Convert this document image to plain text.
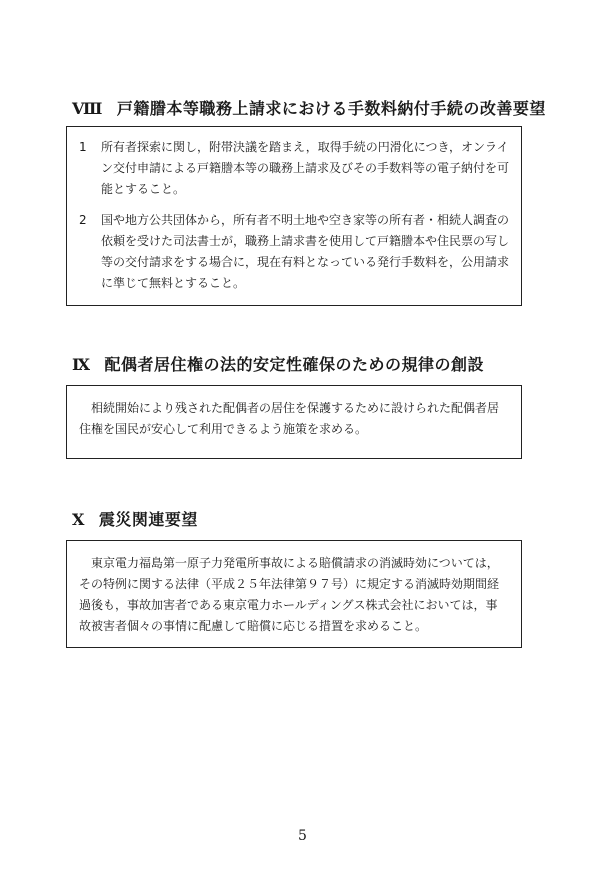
Ⅷ 戸籍謄本等職務上請求における手数料納付手続の改善要望
1 所有者探索に関し，附帯決議を踏まえ，取得手続の円滑化につき，オンライン交付申請による戸籍謄本等の職務上請求及びその手数料等の電子納付を可能とすること。
2 国や地方公共団体から，所有者不明土地や空き家等の所有者・相続人調査の依頼を受けた司法書士が，職務上請求書を使用して戸籍謄本や住民票の写し等の交付請求をする場合に，現在有料となっている発行手数料を，公用請求に準じて無料とすること。
Ⅸ 配偶者居住権の法的安定性確保のための規律の創設
相続開始により残された配偶者の居住を保護するために設けられた配偶者居住権を国民が安心して利用できるよう施策を求める。
Ⅹ 震災関連要望
東京電力福島第一原子力発電所事故による賠償請求の消滅時効については，その特例に関する法律（平成２５年法律第９７号）に規定する消滅時効期間経過後も，事故加害者である東京電力ホールディングス株式会社においては，事故被害者個々の事情に配慮して賠償に応じる措置を求めること。
5
